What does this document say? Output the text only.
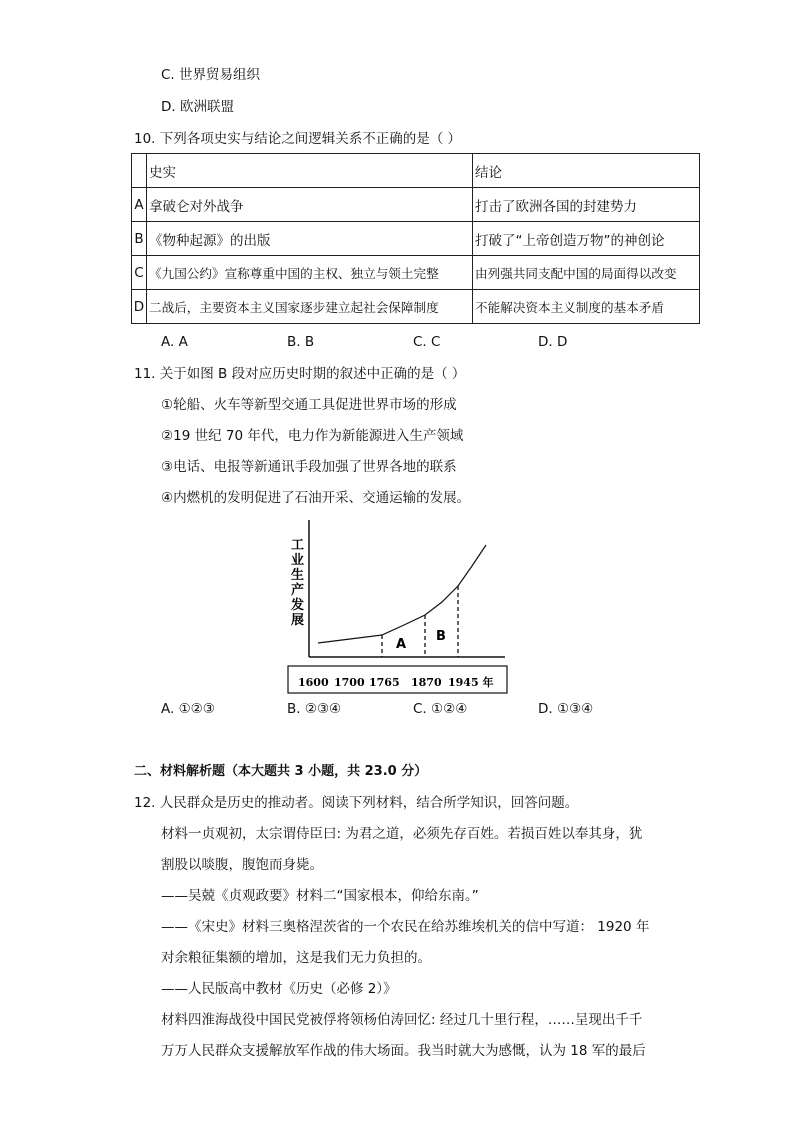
C. 世界贸易组织
D. 欧洲联盟
10. 下列各项史实与结论之间逻辑关系不正确的是（ ）
	史实	结论
A	拿破仑对外战争	打击了欧洲各国的封建势力
B	《物种起源》的出版	打破了“上帝创造万物”的神创论
C	《九国公约》宣称尊重中国的主权、独立与领土完整	由列强共同支配中国的局面得以改变
D	二战后，主要资本主义国家逐步建立起社会保障制度	不能解决资本主义制度的基本矛盾
A. A	B. B	C. C	D. D
11. 关于如图 B 段对应历史时期的叙述中正确的是（ ）
①轮船、火车等新型交通工具促进世界市场的形成
②19 世纪 70 年代，电力作为新能源进入生产领域
③电话、电报等新通讯手段加强了世界各地的联系
④内燃机的发明促进了石油开采、交通运输的发展。
工业生产发展
A
B
1600 1700 1765 1870 1945 年
A. ①②③	B. ②③④	C. ①②④	D. ①③④
二、材料解析题（本大题共 3 小题，共 23.0 分）
12. 人民群众是历史的推动者。阅读下列材料，结合所学知识，回答问题。
材料一贞观初，太宗谓侍臣曰: 为君之道，必须先存百姓。若损百姓以奉其身，犹
割股以啖腹，腹饱而身毙。
——吴兢《贞观政要》材料二“国家根本，仰给东南。”
——《宋史》材料三奥格涅茨省的一个农民在给苏维埃机关的信中写道： 1920 年
对余粮征集额的增加，这是我们无力负担的。
——人民版高中教材《历史（必修 2）》
材料四淮海战役中国民党被俘将领杨伯涛回忆: 经过几十里行程，……呈现出千千
万万人民群众支援解放军作战的伟大场面。我当时就大为感慨，认为 18 军的最后
